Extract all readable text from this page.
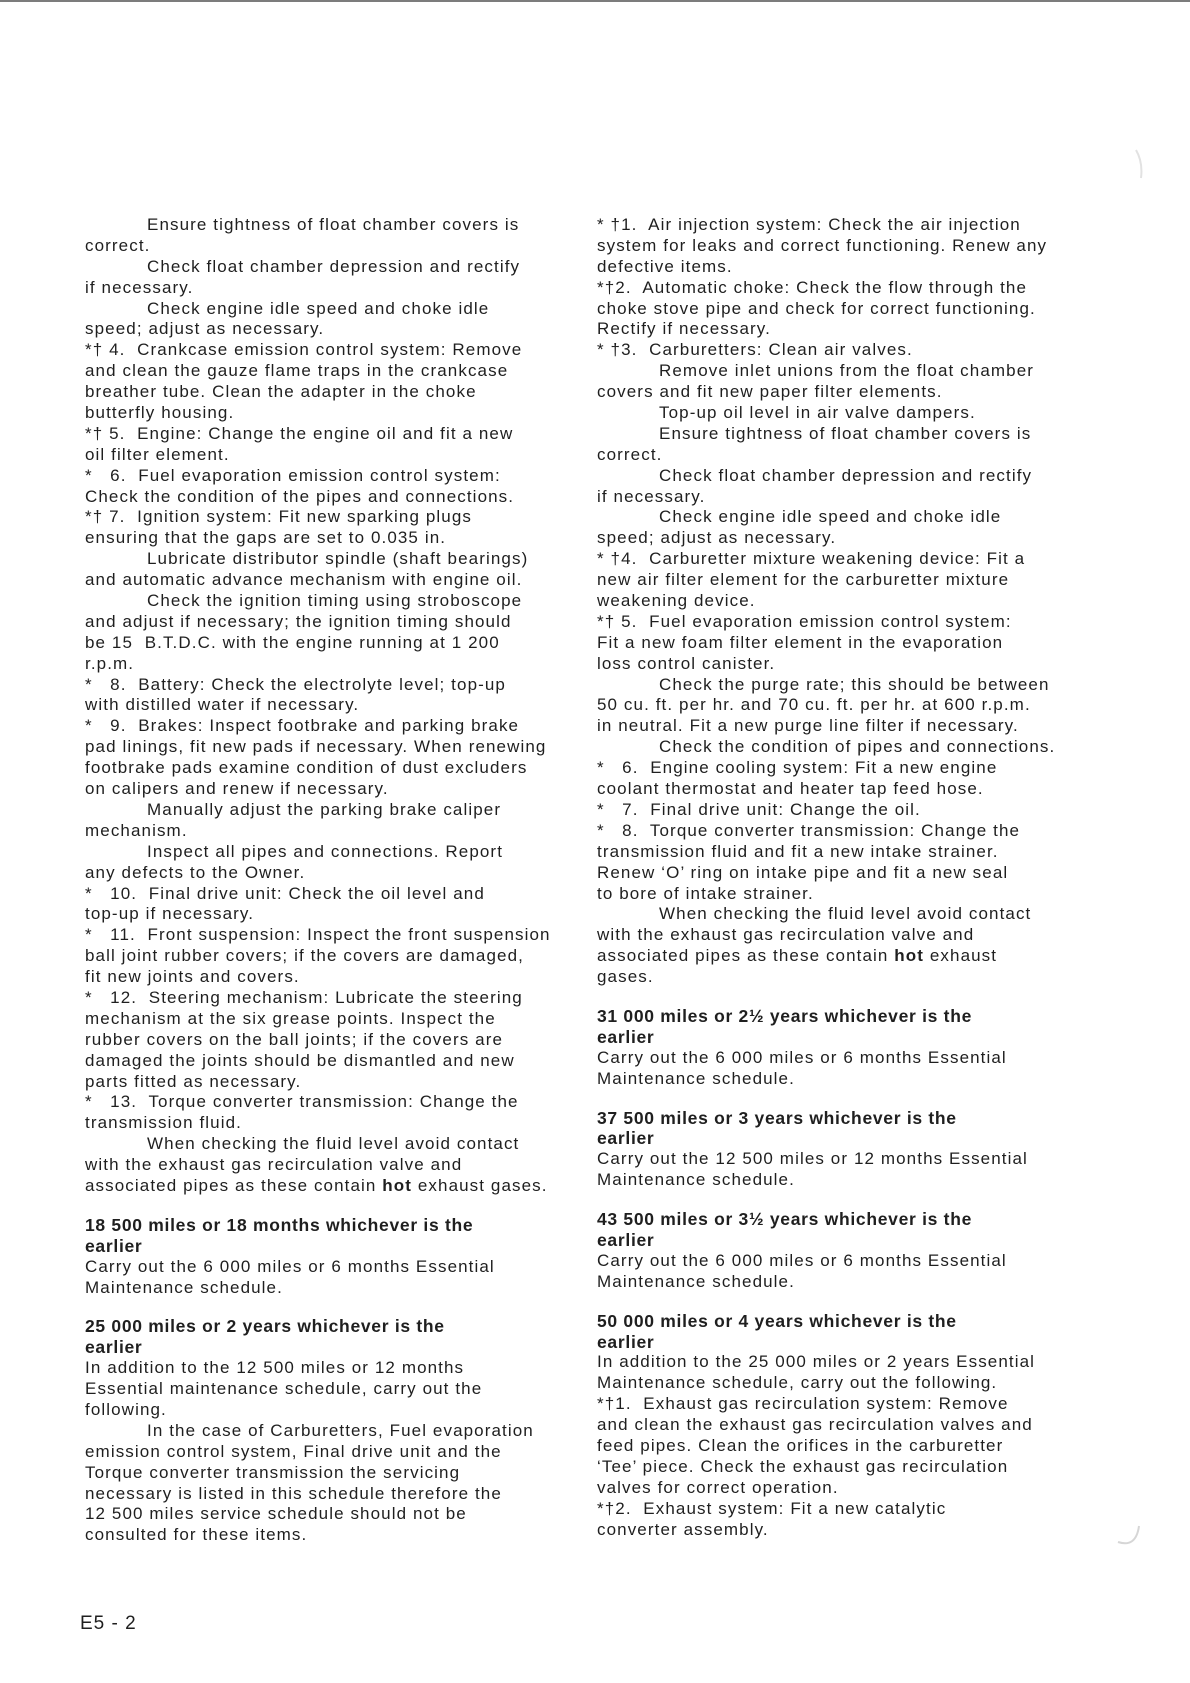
Ensure tightness of float chamber covers is
correct.
Check float chamber depression and rectify
if necessary.
Check engine idle speed and choke idle
speed; adjust as necessary.
*† 4.  Crankcase emission control system: Remove
and clean the gauze flame traps in the crankcase
breather tube. Clean the adapter in the choke
butterfly housing.
*† 5.  Engine: Change the engine oil and fit a new
oil filter element.
*   6.  Fuel evaporation emission control system:
Check the condition of the pipes and connections.
*† 7.  Ignition system: Fit new sparking plugs
ensuring that the gaps are set to 0.035 in.
Lubricate distributor spindle (shaft bearings)
and automatic advance mechanism with engine oil.
Check the ignition timing using stroboscope
and adjust if necessary; the ignition timing should
be 15  B.T.D.C. with the engine running at 1 200
r.p.m.
*   8.  Battery: Check the electrolyte level; top-up
with distilled water if necessary.
*   9.  Brakes: Inspect footbrake and parking brake
pad linings, fit new pads if necessary. When renewing
footbrake pads examine condition of dust excluders
on calipers and renew if necessary.
Manually adjust the parking brake caliper
mechanism.
Inspect all pipes and connections. Report
any defects to the Owner.
*   10.  Final drive unit: Check the oil level and
top-up if necessary.
*   11.  Front suspension: Inspect the front suspension
ball joint rubber covers; if the covers are damaged,
fit new joints and covers.
*   12.  Steering mechanism: Lubricate the steering
mechanism at the six grease points. Inspect the
rubber covers on the ball joints; if the covers are
damaged the joints should be dismantled and new
parts fitted as necessary.
*   13.  Torque converter transmission: Change the
transmission fluid.
When checking the fluid level avoid contact
with the exhaust gas recirculation valve and
associated pipes as these contain hot exhaust gases.
18 500 miles or 18 months whichever is the
earlier
Carry out the 6 000 miles or 6 months Essential
Maintenance schedule.
25 000 miles or 2 years whichever is the
earlier
In addition to the 12 500 miles or 12 months
Essential maintenance schedule, carry out the
following.
In the case of Carburetters, Fuel evaporation
emission control system, Final drive unit and the
Torque converter transmission the servicing
necessary is listed in this schedule therefore the
12 500 miles service schedule should not be
consulted for these items.
* †1.  Air injection system: Check the air injection
system for leaks and correct functioning. Renew any
defective items.
*†2.  Automatic choke: Check the flow through the
choke stove pipe and check for correct functioning.
Rectify if necessary.
* †3.  Carburetters: Clean air valves.
Remove inlet unions from the float chamber
covers and fit new paper filter elements.
Top-up oil level in air valve dampers.
Ensure tightness of float chamber covers is
correct.
Check float chamber depression and rectify
if necessary.
Check engine idle speed and choke idle
speed; adjust as necessary.
* †4.  Carburetter mixture weakening device: Fit a
new air filter element for the carburetter mixture
weakening device.
*† 5.  Fuel evaporation emission control system:
Fit a new foam filter element in the evaporation
loss control canister.
Check the purge rate; this should be between
50 cu. ft. per hr. and 70 cu. ft. per hr. at 600 r.p.m.
in neutral. Fit a new purge line filter if necessary.
Check the condition of pipes and connections.
*   6.  Engine cooling system: Fit a new engine
coolant thermostat and heater tap feed hose.
*   7.  Final drive unit: Change the oil.
*   8.  Torque converter transmission: Change the
transmission fluid and fit a new intake strainer.
Renew ‘O’ ring on intake pipe and fit a new seal
to bore of intake strainer.
When checking the fluid level avoid contact
with the exhaust gas recirculation valve and
associated pipes as these contain hot exhaust
gases.
31 000 miles or 2½ years whichever is the
earlier
Carry out the 6 000 miles or 6 months Essential
Maintenance schedule.
37 500 miles or 3 years whichever is the
earlier
Carry out the 12 500 miles or 12 months Essential
Maintenance schedule.
43 500 miles or 3½ years whichever is the
earlier
Carry out the 6 000 miles or 6 months Essential
Maintenance schedule.
50 000 miles or 4 years whichever is the
earlier
In addition to the 25 000 miles or 2 years Essential
Maintenance schedule, carry out the following.
*†1.  Exhaust gas recirculation system: Remove
and clean the exhaust gas recirculation valves and
feed pipes. Clean the orifices in the carburetter
‘Tee’ piece. Check the exhaust gas recirculation
valves for correct operation.
*†2.  Exhaust system: Fit a new catalytic
converter assembly.
E5 - 2
